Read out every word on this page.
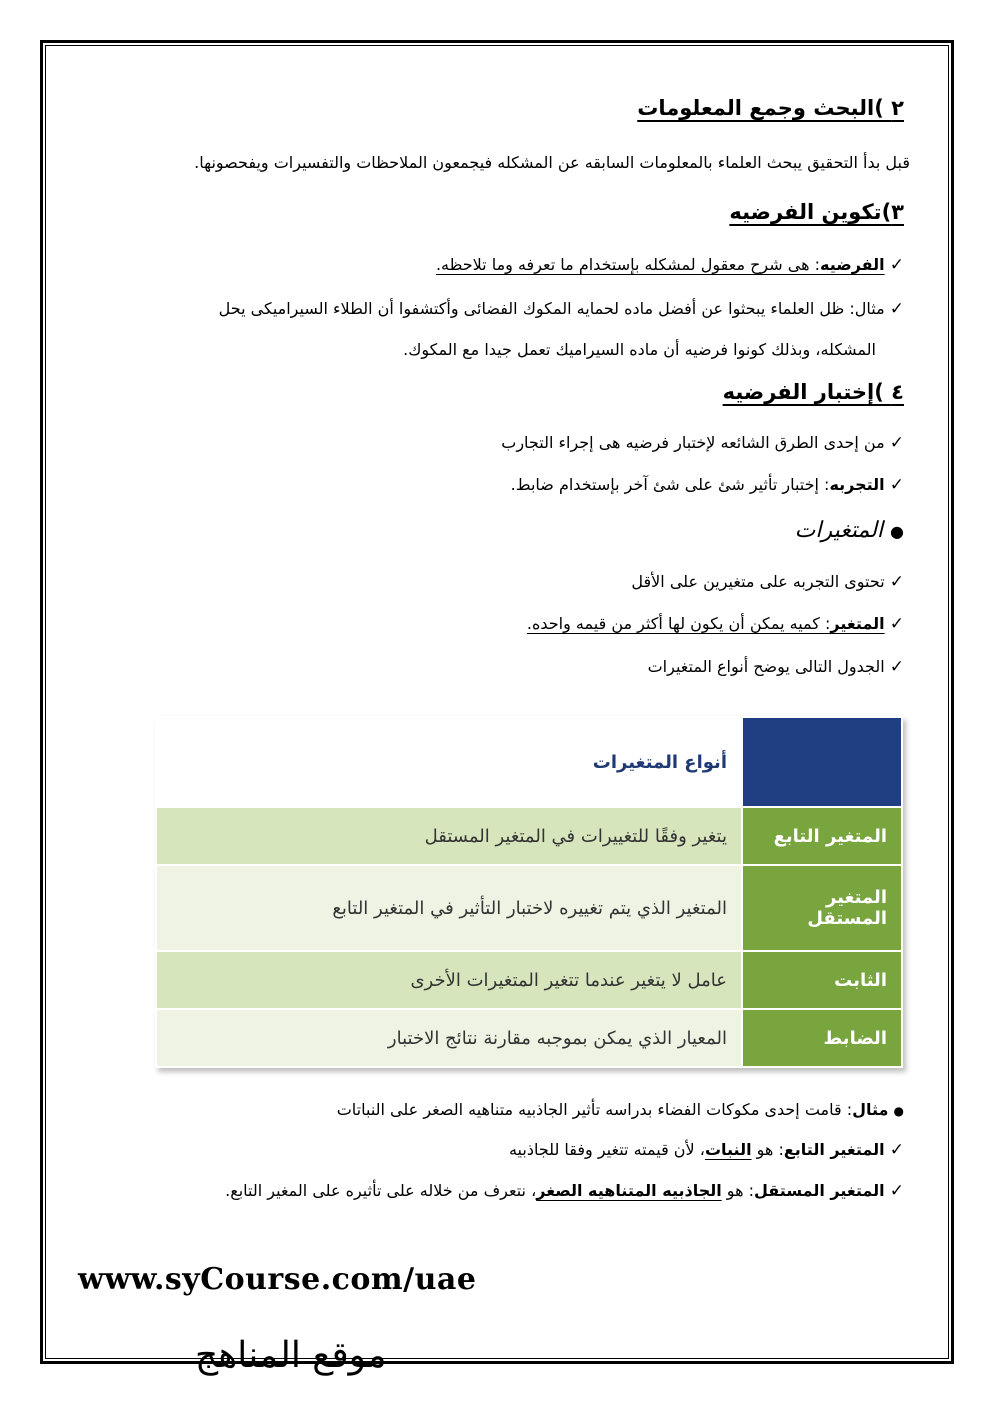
٢ )البحث وجمع المعلومات
قبل بدأ التحقيق يبحث العلماء بالمعلومات السابقه عن المشكله فيجمعون الملاحظات والتفسيرات ويفحصونها.
٣)تكوين الفرضيه
✓ الفرضيه: هى شرح معقول لمشكله بإستخدام ما تعرفه وما تلاحظه.
✓ مثال: ظل العلماء يبحثوا عن أفضل ماده لحمايه المكوك الفضائى وأكتشفوا أن الطلاء السيراميكى يحل
المشكله، وبذلك كونوا فرضيه أن ماده السيراميك تعمل جيدا مع المكوك.
٤ )إختبار الفرضيه
✓ من إحدى الطرق الشائعه لإختبار فرضيه هى إجراء التجارب
✓ التجربه: إختبار تأثير شئ على شئ آخر بإستخدام ضابط.
● المتغيرات
✓ تحتوى التجربه على متغيرين على الأقل
✓ المتغير: كميه يمكن أن يكون لها أكثر من قيمه واحده.
✓ الجدول التالى يوضح أنواع المتغيرات
أنواع المتغيرات	
يتغير وفقًا للتغييرات في المتغير المستقل	المتغير التابع
المتغير الذي يتم تغييره لاختبار التأثير في المتغير التابع	المتغير المستقل
عامل لا يتغير عندما تتغير المتغيرات الأخرى	الثابت
المعيار الذي يمكن بموجبه مقارنة نتائج الاختبار	الضابط
● مثال: قامت إحدى مكوكات الفضاء بدراسه تأثير الجاذبيه متناهيه الصغر على النباتات
✓ المتغير التابع: هو النبات، لأن قيمته تتغير وفقا للجاذبيه
✓ المتغير المستقل: هو الجاذبيه المتناهيه الصغر، نتعرف من خلاله على تأثيره على المغير التابع.
www.syCourse.com/uae
موقع المناهج
